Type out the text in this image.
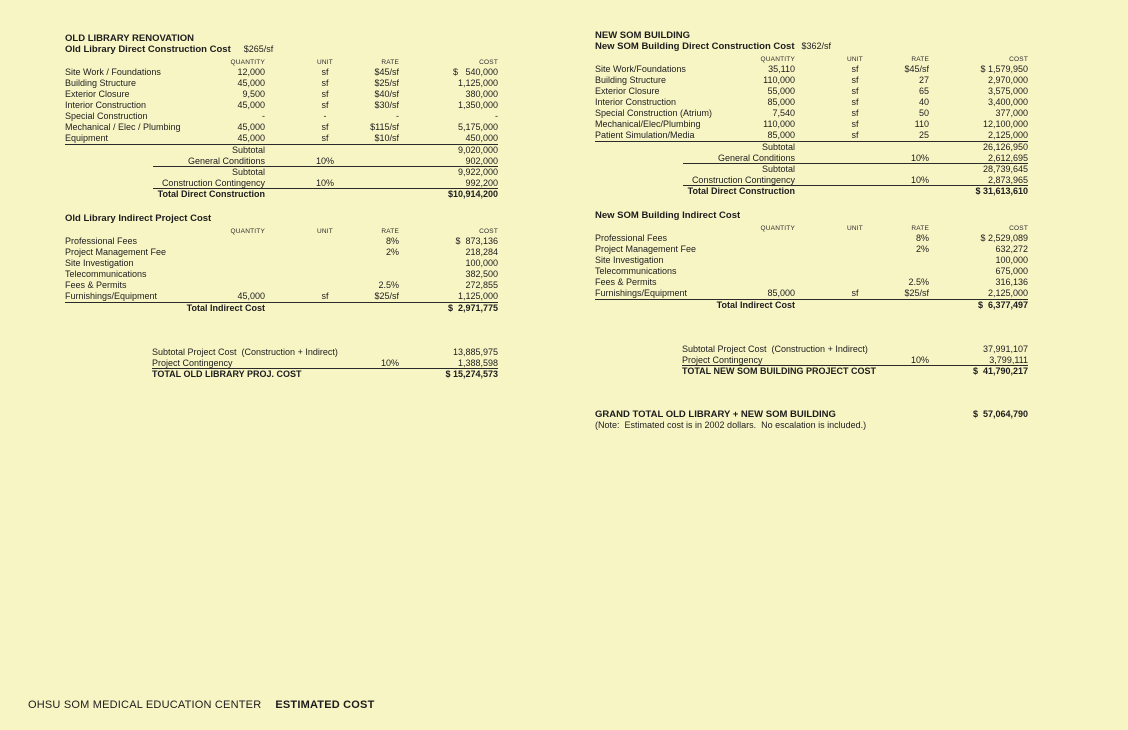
OLD LIBRARY RENOVATION
Old Library Direct Construction Cost $265/sf
QUANTITY	UNIT	RATE	COST
Site Work / Foundations	12,000	sf	$45/sf	$   540,000
Building Structure	45,000	sf	$25/sf	1,125,000
Exterior Closure	9,500	sf	$40/sf	380,000
Interior Construction	45,000	sf	$30/sf	1,350,000
Special Construction	-	-	-	-
Mechanical / Elec / Plumbing	45,000	sf	$115/sf	5,175,000
Equipment	45,000	sf	$10/sf	450,000
Subtotal	9,020,000
General Conditions	10%	902,000
Subtotal	9,922,000
Construction Contingency	10%	992,200
Total Direct Construction	$10,914,200
Old Library Indirect Project Cost
QUANTITY	UNIT	RATE	COST
Professional Fees	8%	$  873,136
Project Management Fee	2%	218,284
Site Investigation	100,000
Telecommunications	382,500
Fees & Permits	2.5%	272,855
Furnishings/Equipment	45,000	sf	$25/sf	1,125,000
Total Indirect Cost	$  2,971,775
Subtotal Project Cost  (Construction + Indirect)	13,885,975
Project Contingency	10%	1,388,598
TOTAL OLD LIBRARY PROJ. COST	$ 15,274,573
NEW SOM BUILDING
New SOM Building Direct Construction Cost $362/sf
QUANTITY	UNIT	RATE	COST
Site Work/Foundations	35,110	sf	$45/sf	$ 1,579,950
Building Structure	110,000	sf	27	2,970,000
Exterior Closure	55,000	sf	65	3,575,000
Interior Construction	85,000	sf	40	3,400,000
Special Construction (Atrium)	7,540	sf	50	377,000
Mechanical/Elec/Plumbing	110,000	sf	110	12,100,000
Patient Simulation/Media	85,000	sf	25	2,125,000
Subtotal	26,126,950
General Conditions	10%	2,612,695
Subtotal	28,739,645
Construction Contingency	10%	2,873,965
Total Direct Construction	$ 31,613,610
New SOM Building Indirect Cost
QUANTITY	UNIT	RATE	COST
Professional Fees	8%	$ 2,529,089
Project Management Fee	2%	632,272
Site Investigation	100,000
Telecommunications	675,000
Fees & Permits	2.5%	316,136
Furnishings/Equipment	85,000	sf	$25/sf	2,125,000
Total Indirect Cost	$  6,377,497
Subtotal Project Cost  (Construction + Indirect)	37,991,107
Project Contingency	10%	3,799,111
TOTAL NEW SOM BUILDING PROJECT COST	$  41,790,217
GRAND TOTAL OLD LIBRARY + NEW SOM BUILDING	$  57,064,790
(Note:  Estimated cost is in 2002 dollars.  No escalation is included.)
OHSU SOM MEDICAL EDUCATION CENTER ESTIMATED COST
